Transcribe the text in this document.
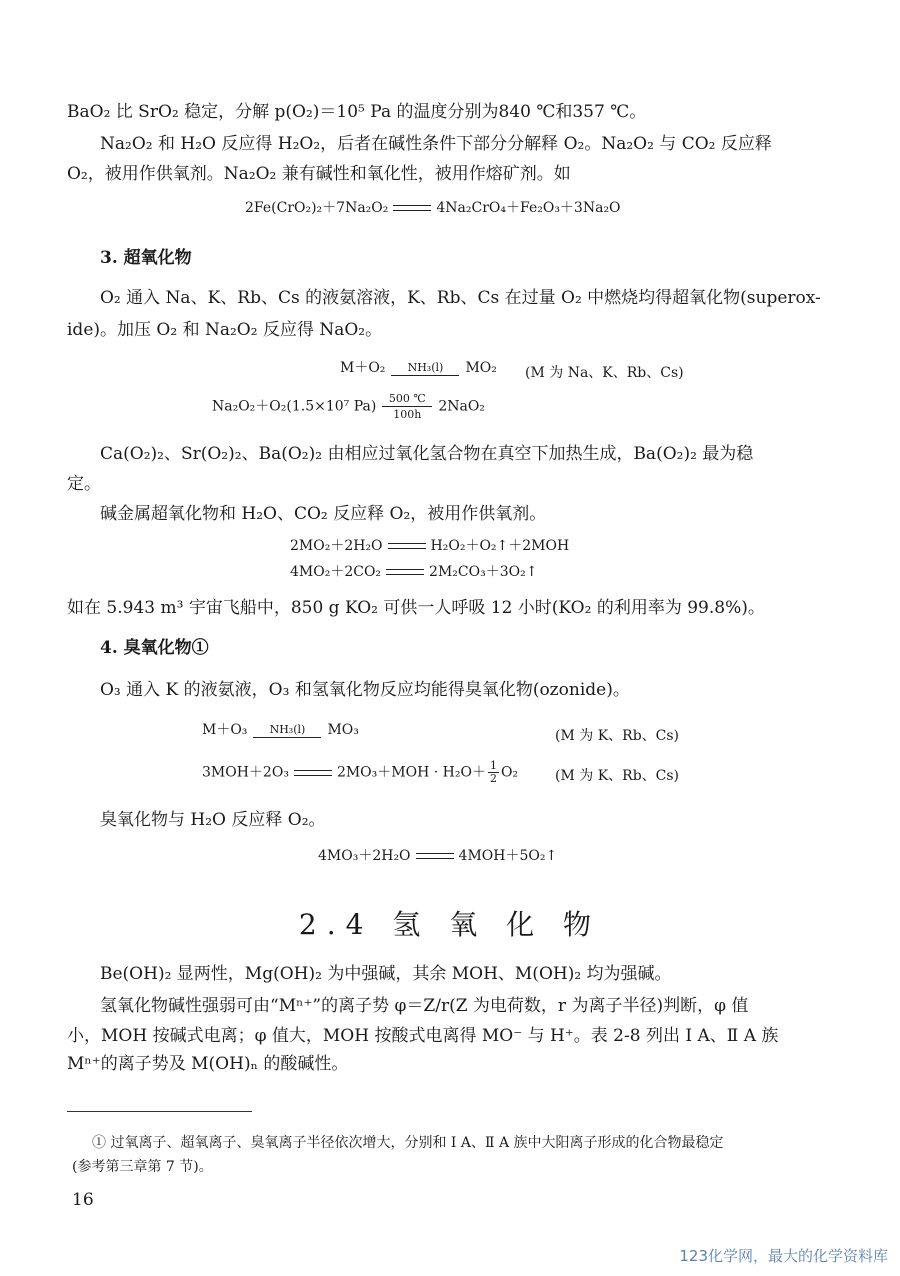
BaO₂ 比 SrO₂ 稳定，分解 p(O₂)＝10⁵ Pa 的温度分别为840 ℃和357 ℃。
Na₂O₂ 和 H₂O 反应得 H₂O₂，后者在碱性条件下部分分解释 O₂。Na₂O₂ 与 CO₂ 反应释
O₂，被用作供氧剂。Na₂O₂ 兼有碱性和氧化性，被用作熔矿剂。如
2Fe(CrO₂)₂＋7Na₂O₂	4Na₂CrO₄＋Fe₂O₃＋3Na₂O
3. 超氧化物
O₂ 通入 Na、K、Rb、Cs 的液氨溶液，K、Rb、Cs 在过量 O₂ 中燃烧均得超氧化物(superox-
ide)。加压 O₂ 和 Na₂O₂ 反应得 NaO₂。
M＋O₂	NH₃(l)	MO₂ (M 为 Na、K、Rb、Cs)
Na₂O₂＋O₂(1.5×10⁷ $Pa) \frac{500 ℃}{100h} 2NaO_2$
Ca(O₂)₂、Sr(O₂)₂、Ba(O₂)₂ 由相应过氧化氢合物在真空下加热生成，Ba(O₂)₂ 最为稳
定。
碱金属超氧化物和 H₂O、CO₂ 反应释 O₂，被用作供氧剂。
2MO₂＋2H₂O	H₂O₂＋O₂↑＋2MOH
4MO₂＋2CO₂	2M₂CO₃＋3O₂↑
如在 5.943 m³ 宇宙飞船中，850 g KO₂ 可供一人呼吸 12 小时(KO₂ 的利用率为 99.8%)。
4. 臭氧化物①
O₃ 通入 K 的液氨液，O₃ 和氢氧化物反应均能得臭氧化物(ozonide)。
M＋O₃	NH₃(l)	MO₃	(M 为 K、Rb、Cs)
3MOH＋2O₃	$2MO_3+MOH \cdot H_2O+ \frac{1}{2} O_2$	(M 为 K、Rb、Cs)
臭氧化物与 H₂O 反应释 O₂。
4MO₃＋2H₂O	4MOH＋5O₂↑
2.4 氢 氧 化 物
Be(OH)₂ 显两性，Mg(OH)₂ 为中强碱，其余 MOH、M(OH)₂ 均为强碱。
氢氧化物碱性强弱可由“Mⁿ⁺”的离子势 φ＝Z/r(Z 为电荷数，r 为离子半径)判断，φ 值
小，MOH 按碱式电离；φ 值大，MOH 按酸式电离得 MO⁻ 与 H⁺。表 2-8 列出 Ⅰ A、Ⅱ A 族
Mⁿ⁺的离子势及 M(OH)ₙ 的酸碱性。
① 过氧离子、超氧离子、臭氧离子半径依次增大，分别和 Ⅰ A、Ⅱ A 族中大阳离子形成的化合物最稳定
(参考第三章第 7 节)。
16
123化学网，最大的化学资料库
